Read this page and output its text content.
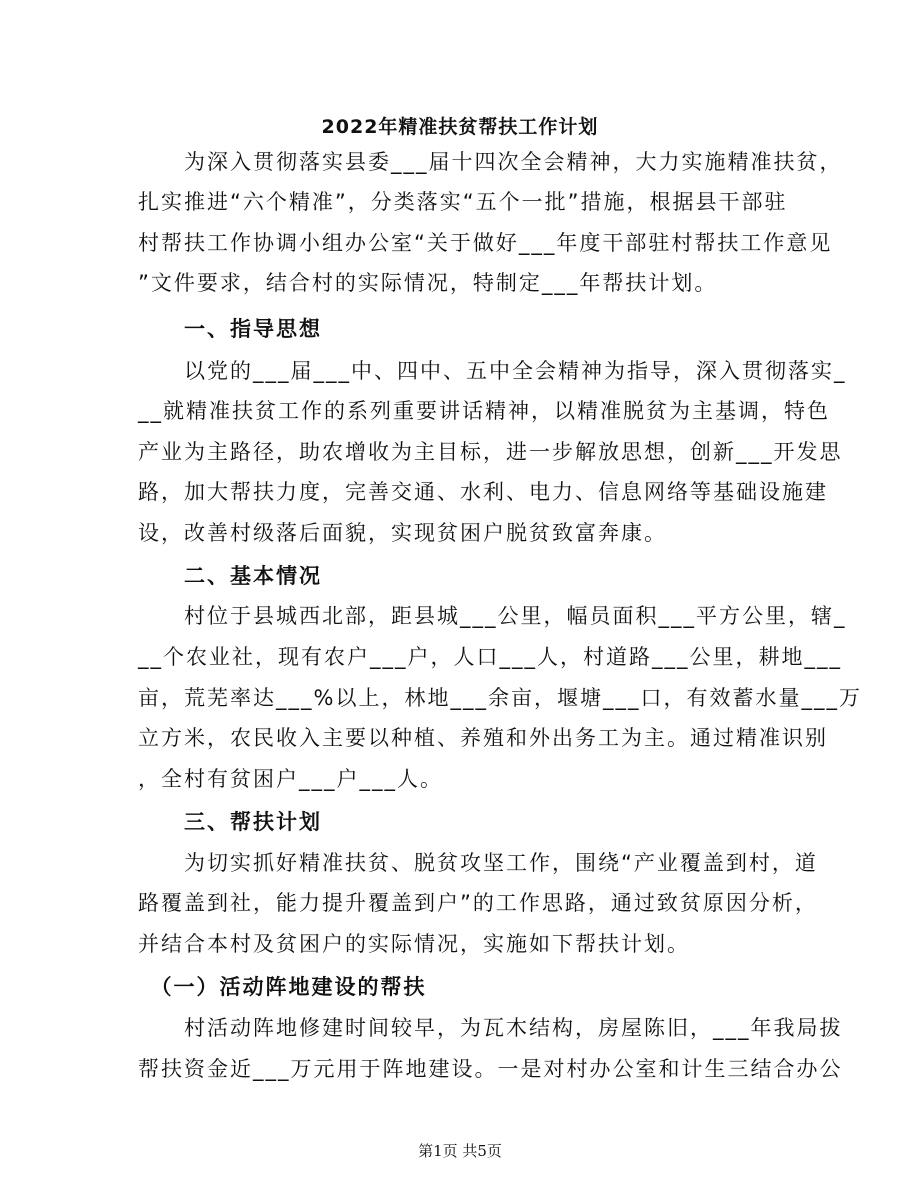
2022年精准扶贫帮扶工作计划
　　为深入贯彻落实县委___届十四次全会精神，大力实施精准扶贫，
扎实推进“六个精准”，分类落实“五个一批”措施，根据县干部驻
村帮扶工作协调小组办公室“关于做好___年度干部驻村帮扶工作意见
”文件要求，结合村的实际情况，特制定___年帮扶计划。
　　一、指导思想
　　以党的___届___中、四中、五中全会精神为指导，深入贯彻落实_
__就精准扶贫工作的系列重要讲话精神，以精准脱贫为主基调，特色
产业为主路径，助农增收为主目标，进一步解放思想，创新___开发思
路，加大帮扶力度，完善交通、水利、电力、信息网络等基础设施建
设，改善村级落后面貌，实现贫困户脱贫致富奔康。
　　二、基本情况
　　村位于县城西北部，距县城___公里，幅员面积___平方公里，辖_
__个农业社，现有农户___户，人口___人，村道路___公里，耕地___
亩，荒芜率达___%以上，林地___余亩，堰塘___口，有效蓄水量___万
立方米，农民收入主要以种植、养殖和外出务工为主。通过精准识别
，全村有贫困户___户___人。
　　三、帮扶计划
　　为切实抓好精准扶贫、脱贫攻坚工作，围绕“产业覆盖到村，道
路覆盖到社，能力提升覆盖到户”的工作思路，通过致贫原因分析，
并结合本村及贫困户的实际情况，实施如下帮扶计划。
　（一）活动阵地建设的帮扶
　　村活动阵地修建时间较早，为瓦木结构，房屋陈旧，___年我局拔
帮扶资金近___万元用于阵地建设。一是对村办公室和计生三结合办公
第1页 共5页
